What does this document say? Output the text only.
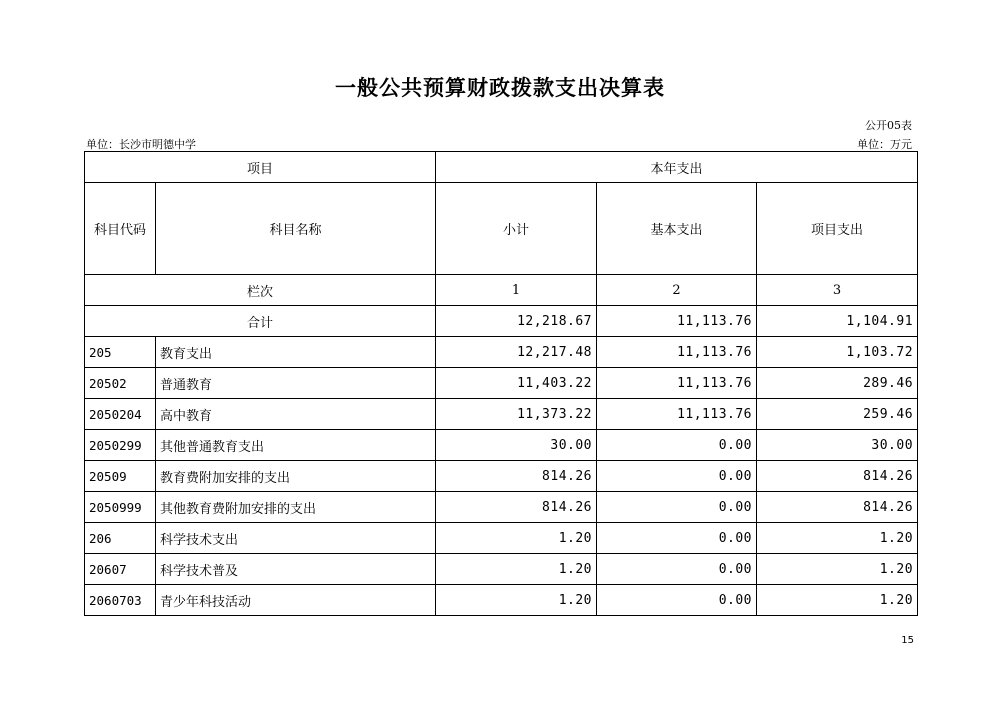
一般公共预算财政拨款支出决算表
公开05表
单位：长沙市明德中学	单位：万元
项目		本年支出		
科目代码	科目名称	小计	基本支出	项目支出
栏次		1	2	3
合计		12,218.67	11,113.76	1,104.91
205	教育支出	12,217.48	11,113.76	1,103.72
20502	普通教育	11,403.22	11,113.76	289.46
2050204	高中教育	11,373.22	11,113.76	259.46
2050299	其他普通教育支出	30.00	0.00	30.00
20509	教育费附加安排的支出	814.26	0.00	814.26
2050999	其他教育费附加安排的支出	814.26	0.00	814.26
206	科学技术支出	1.20	0.00	1.20
20607	科学技术普及	1.20	0.00	1.20
2060703	青少年科技活动	1.20	0.00	1.20
15
